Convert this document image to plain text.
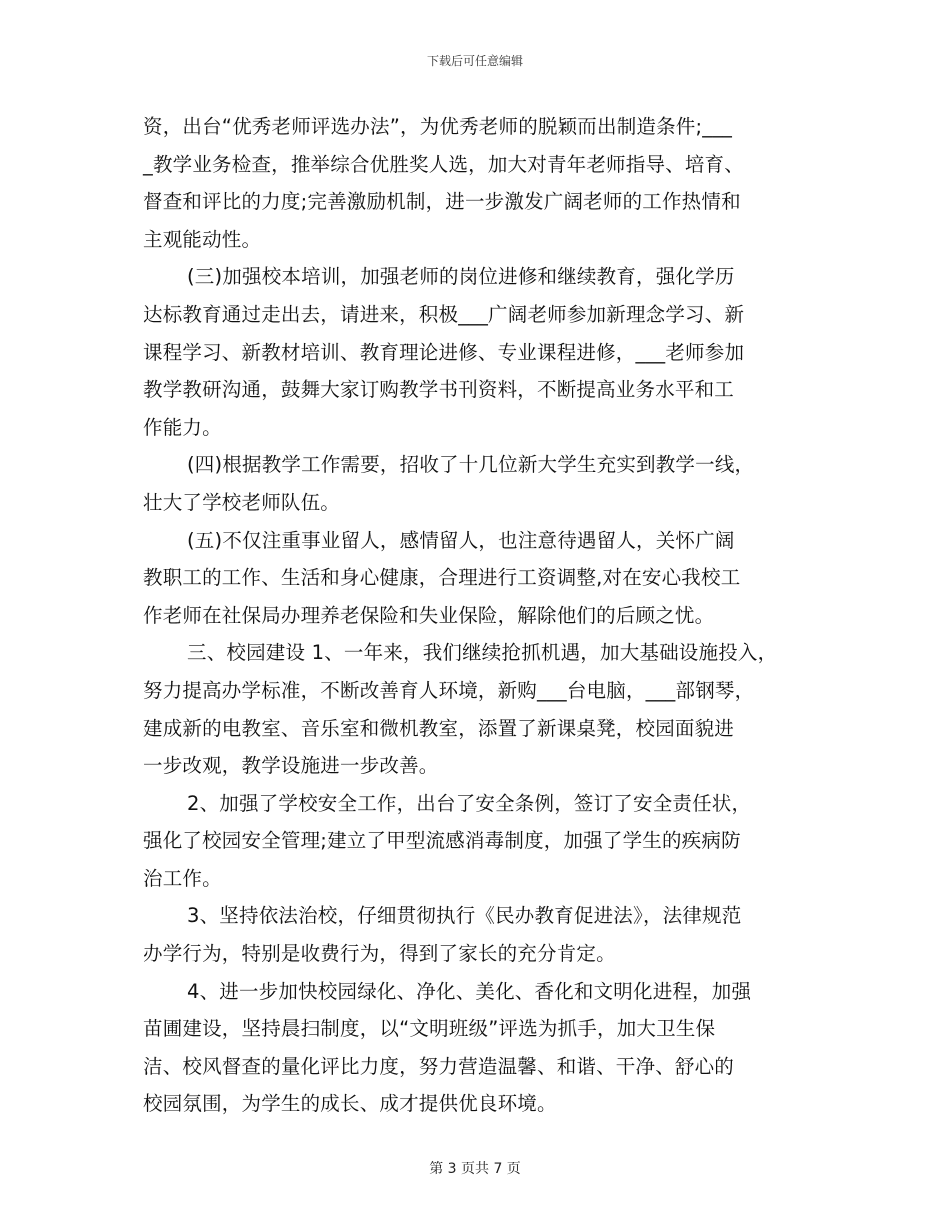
下载后可任意编辑
资，出台“优秀老师评选办法”，为优秀老师的脱颖而出制造条件;___
_教学业务检查，推举综合优胜奖人选，加大对青年老师指导、培育、
督查和评比的力度;完善激励机制，进一步激发广阔老师的工作热情和
主观能动性。
(三)加强校本培训，加强老师的岗位进修和继续教育，强化学历
达标教育通过走出去，请进来，积极___广阔老师参加新理念学习、新
课程学习、新教材培训、教育理论进修、专业课程进修，___老师参加
教学教研沟通，鼓舞大家订购教学书刊资料，不断提高业务水平和工
作能力。
(四)根据教学工作需要，招收了十几位新大学生充实到教学一线，
壮大了学校老师队伍。
(五)不仅注重事业留人，感情留人，也注意待遇留人，关怀广阔
教职工的工作、生活和身心健康，合理进行工资调整,对在安心我校工
作老师在社保局办理养老保险和失业保险，解除他们的后顾之忧。
三、校园建设 1、一年来，我们继续抢抓机遇，加大基础设施投入，
努力提高办学标准，不断改善育人环境，新购___台电脑，___部钢琴，
建成新的电教室、音乐室和微机教室，添置了新课桌凳，校园面貌进
一步改观，教学设施进一步改善。
2、加强了学校安全工作，出台了安全条例，签订了安全责任状，
强化了校园安全管理;建立了甲型流感消毒制度，加强了学生的疾病防
治工作。
3、坚持依法治校，仔细贯彻执行《民办教育促进法》，法律规范
办学行为，特别是收费行为，得到了家长的充分肯定。
4、进一步加快校园绿化、净化、美化、香化和文明化进程，加强
苗圃建设，坚持晨扫制度，以“文明班级”评选为抓手，加大卫生保
洁、校风督查的量化评比力度，努力营造温馨、和谐、干净、舒心的
校园氛围，为学生的成长、成才提供优良环境。
第 3 页共 7 页
